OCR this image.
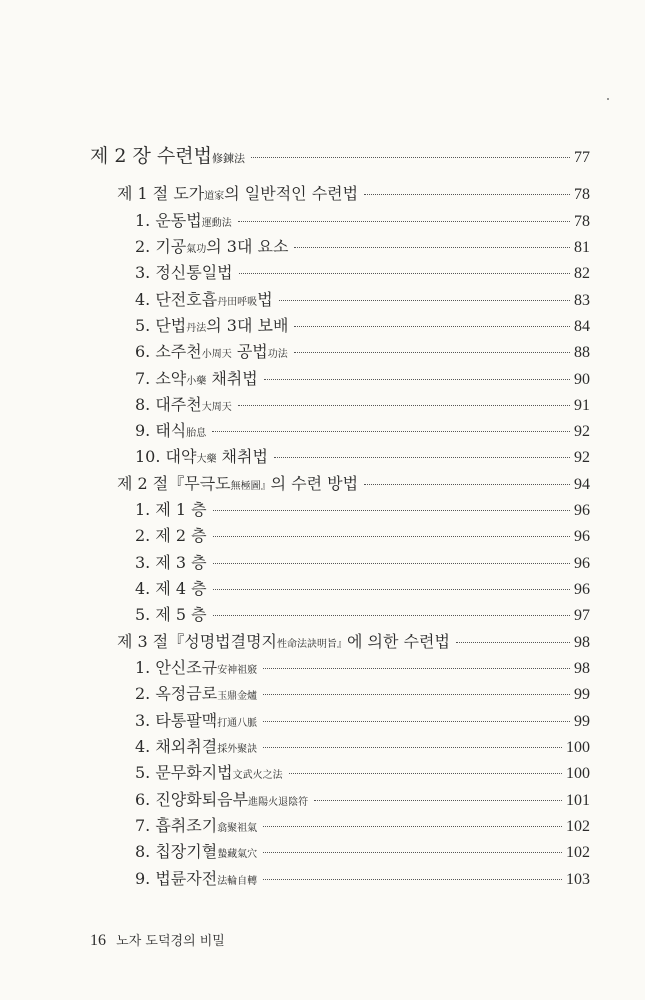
제 2 장 수련법修鍊法	77
제 1 절 도가道家의 일반적인 수련법	78
1. 운동법運動法	78
2. 기공氣功의 3대 요소	81
3. 정신통일법	82
4. 단전호흡丹田呼吸법	83
5. 단법丹法의 3대 보배	84
6. 소주천小周天 공법功法	88
7. 소약小藥 채취법	90
8. 대주천大周天	91
9. 태식胎息	92
10. 대약大藥 채취법	92
제 2 절『무극도無極圖』의 수련 방법	94
1. 제 1 층	96
2. 제 2 층	96
3. 제 3 층	96
4. 제 4 층	96
5. 제 5 층	97
제 3 절『성명법결명지性命法訣明旨』에 의한 수련법	98
1. 안신조규安神祖竅	98
2. 옥정금로玉鼎金爐	99
3. 타통팔맥打通八脈	99
4. 채외취결採外聚訣	100
5. 문무화지법文武火之法	100
6. 진양화퇴음부進陽火退陰符	101
7. 흡취조기翕聚祖氣	102
8. 칩장기혈蟄藏氣穴	102
9. 법륜자전法輪自轉	103
16 노자 도덕경의 비밀
